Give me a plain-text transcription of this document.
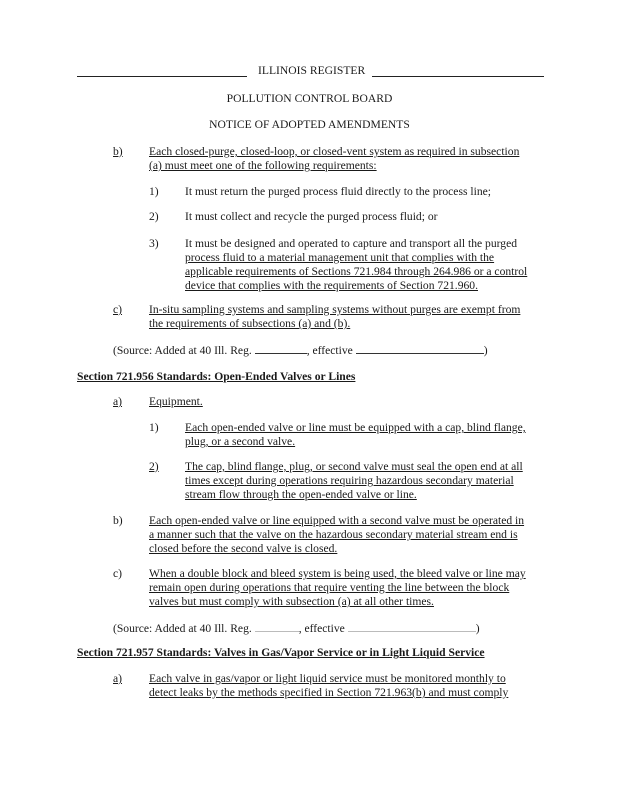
ILLINOIS REGISTER
POLLUTION CONTROL BOARD
NOTICE OF ADOPTED AMENDMENTS
b) Each closed-purge, closed-loop, or closed-vent system as required in subsection
(a) must meet one of the following requirements:
1) It must return the purged process fluid directly to the process line;
2) It must collect and recycle the purged process fluid; or
3) It must be designed and operated to capture and transport all the purged
process fluid to a material management unit that complies with the
applicable requirements of Sections 721.984 through 264.986 or a control
device that complies with the requirements of Section 721.960.
c) In-situ sampling systems and sampling systems without purges are exempt from
the requirements of subsections (a) and (b).
(Source: Added at 40 Ill. Reg.	, effective	)
Section 721.956 Standards: Open-Ended Valves or Lines
a) Equipment.
1) Each open-ended valve or line must be equipped with a cap, blind flange,
plug, or a second valve.
2) The cap, blind flange, plug, or second valve must seal the open end at all
times except during operations requiring hazardous secondary material
stream flow through the open-ended valve or line.
b) Each open-ended valve or line equipped with a second valve must be operated in
a manner such that the valve on the hazardous secondary material stream end is
closed before the second valve is closed.
c) When a double block and bleed system is being used, the bleed valve or line may
remain open during operations that require venting the line between the block
valves but must comply with subsection (a) at all other times.
(Source: Added at 40 Ill. Reg.	, effective	)
Section 721.957 Standards: Valves in Gas/Vapor Service or in Light Liquid Service
a) Each valve in gas/vapor or light liquid service must be monitored monthly to
detect leaks by the methods specified in Section 721.963(b) and must comply
